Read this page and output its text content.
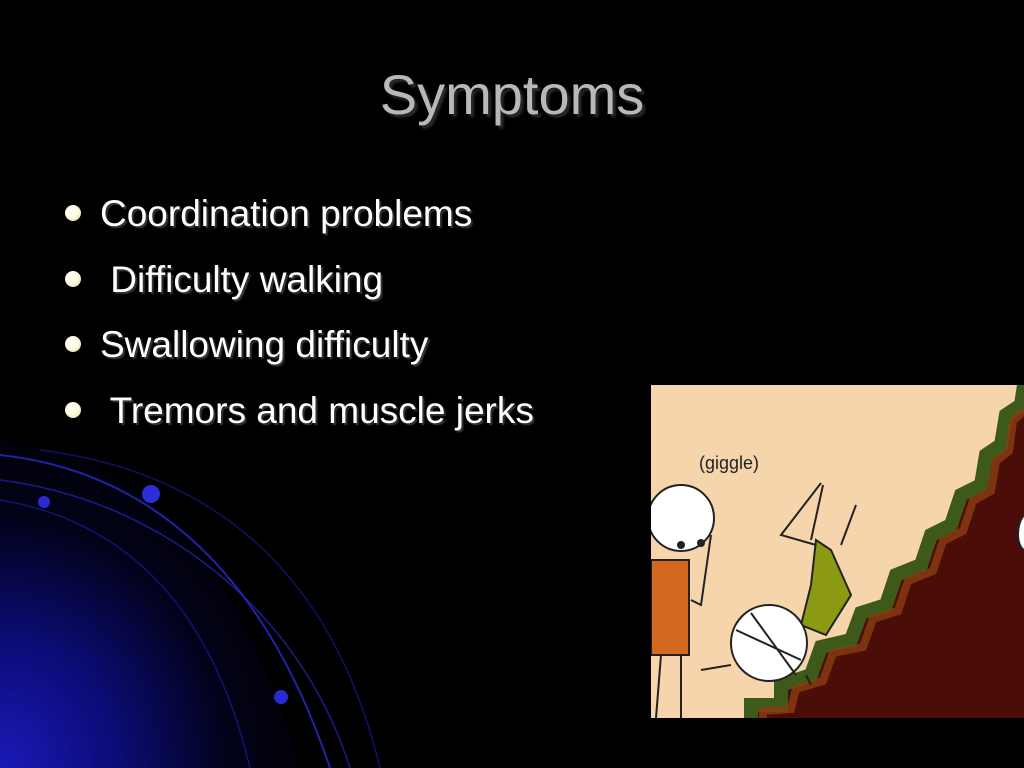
Symptoms

Coordination problems

Difficulty walking

Swallowing difficulty

Tremors and muscle jerks

(giggle)
